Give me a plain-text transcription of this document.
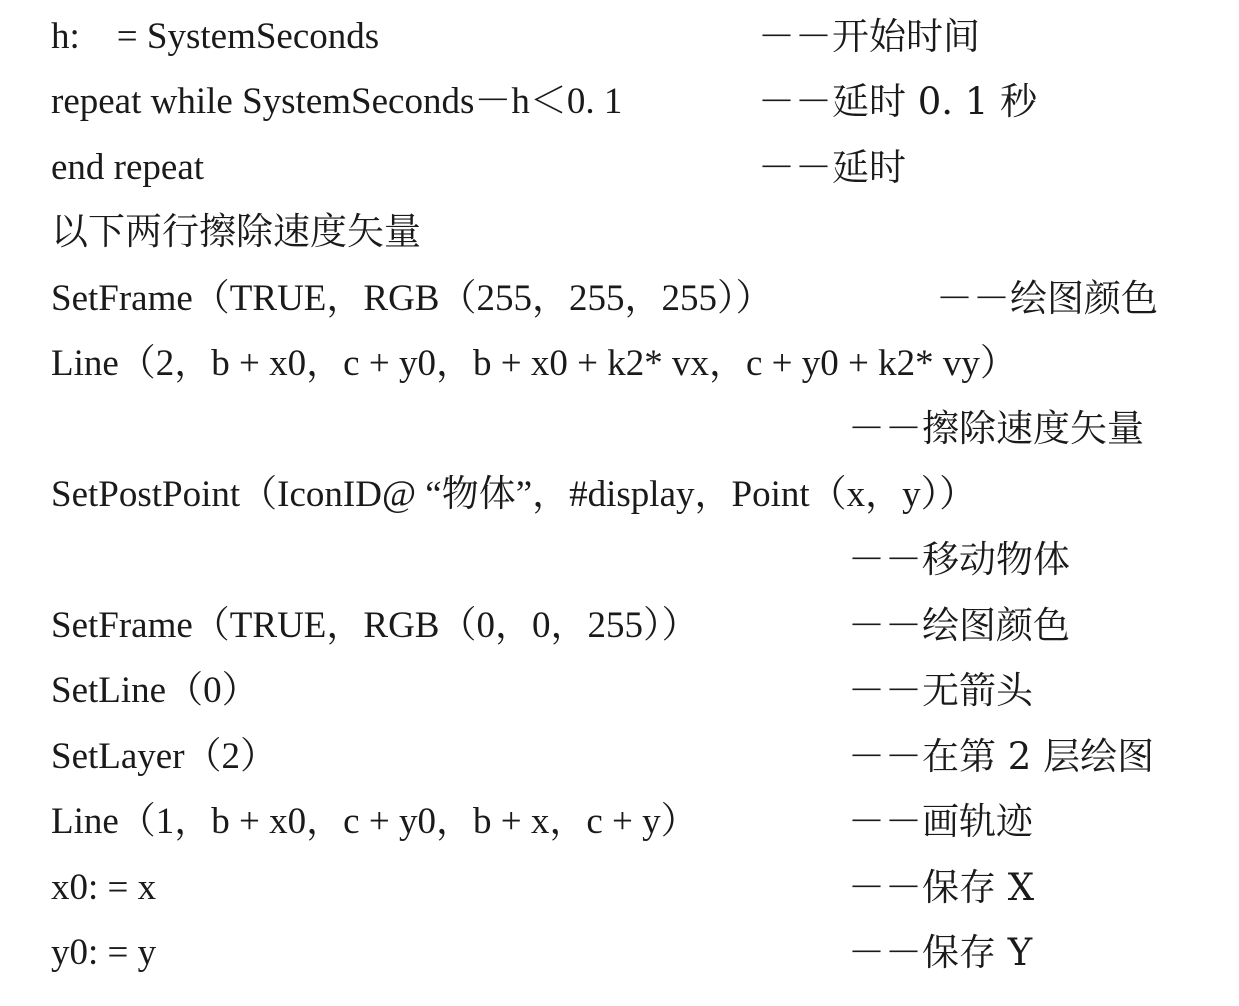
h:    = SystemSeconds	－－开始时间
repeat while SystemSeconds－h＜0. 1	－－延时 0. 1 秒
end repeat	－－延时
以下两行擦除速度矢量
SetFrame（TRUE，RGB（255，255，255））	－－绘图颜色
Line（2，b + x0，c + y0，b + x0 + k2* vx，c + y0 + k2* vy）
－－擦除速度矢量
SetPostPoint（IconID@ “物体”，#display，Point（x，y））
－－移动物体
SetFrame（TRUE，RGB（0，0，255））	－－绘图颜色
SetLine（0）	－－无箭头
SetLayer（2）	－－在第 2 层绘图
Line（1，b + x0，c + y0，b + x，c + y）	－－画轨迹
x0: = x	－－保存 X
y0: = y	－－保存 Y
